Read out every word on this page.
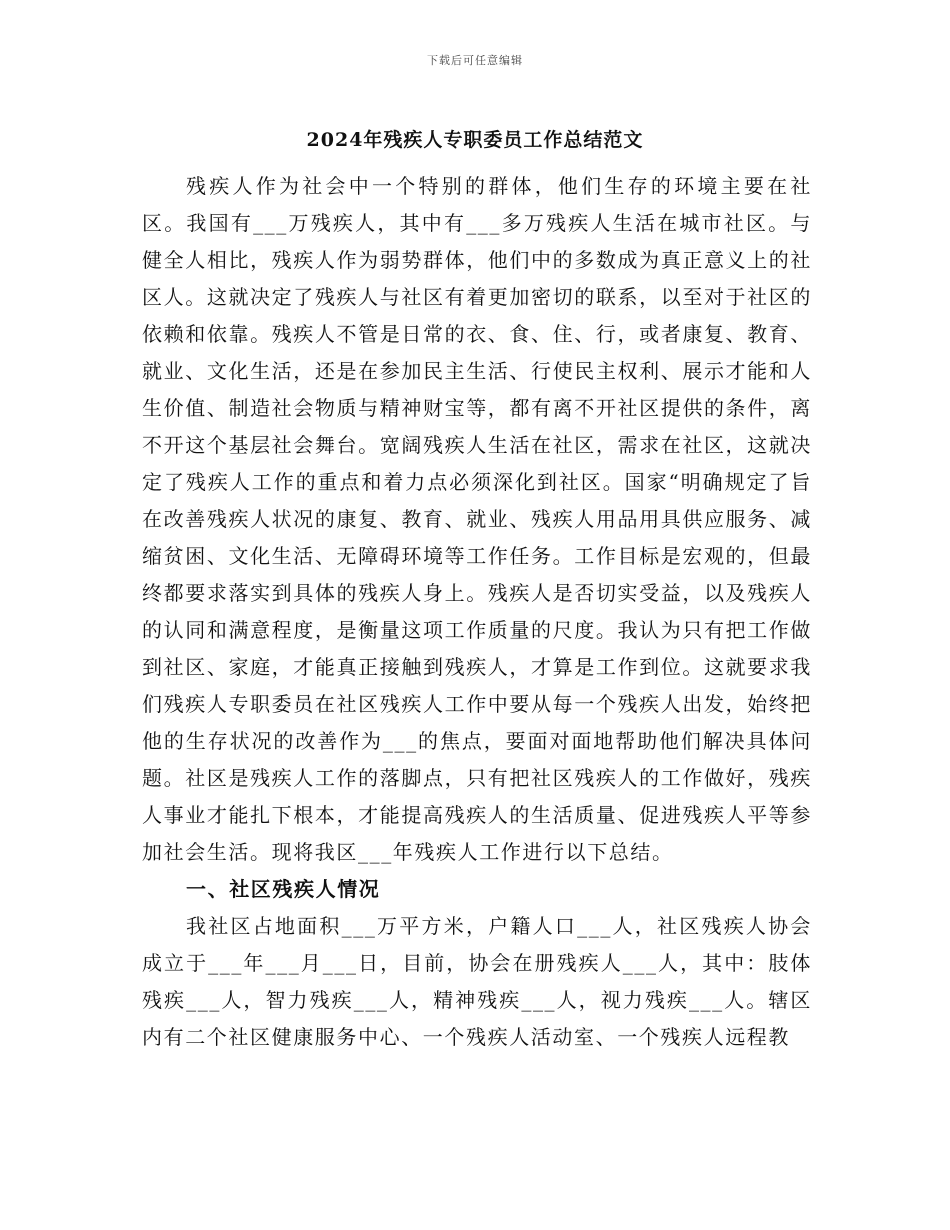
下载后可任意编辑
2024年残疾人专职委员工作总结范文

残疾人作为社会中一个特别的群体，他们生存的环境主要在社区。我国有___万残疾人，其中有___多万残疾人生活在城市社区。与健全人相比，残疾人作为弱势群体，他们中的多数成为真正意义上的社区人。这就决定了残疾人与社区有着更加密切的联系，以至对于社区的依赖和依靠。残疾人不管是日常的衣、食、住、行，或者康复、教育、就业、文化生活，还是在参加民主生活、行使民主权利、展示才能和人生价值、制造社会物质与精神财宝等，都有离不开社区提供的条件，离不开这个基层社会舞台。宽阔残疾人生活在社区，需求在社区，这就决定了残疾人工作的重点和着力点必须深化到社区。国家“明确规定了旨在改善残疾人状况的康复、教育、就业、残疾人用品用具供应服务、减缩贫困、文化生活、无障碍环境等工作任务。工作目标是宏观的，但最终都要求落实到具体的残疾人身上。残疾人是否切实受益，以及残疾人的认同和满意程度，是衡量这项工作质量的尺度。我认为只有把工作做到社区、家庭，才能真正接触到残疾人，才算是工作到位。这就要求我们残疾人专职委员在社区残疾人工作中要从每一个残疾人出发，始终把他的生存状况的改善作为___的焦点，要面对面地帮助他们解决具体问题。社区是残疾人工作的落脚点，只有把社区残疾人的工作做好，残疾人事业才能扎下根本，才能提高残疾人的生活质量、促进残疾人平等参加社会生活。现将我区___年残疾人工作进行以下总结。

一、社区残疾人情况

我社区占地面积___万平方米，户籍人口___人，社区残疾人协会成立于___年___月___日，目前，协会在册残疾人___人，其中：肢体残疾___人，智力残疾___人，精神残疾___人，视力残疾___人。辖区内有二个社区健康服务中心、一个残疾人活动室、一个残疾人远程教
